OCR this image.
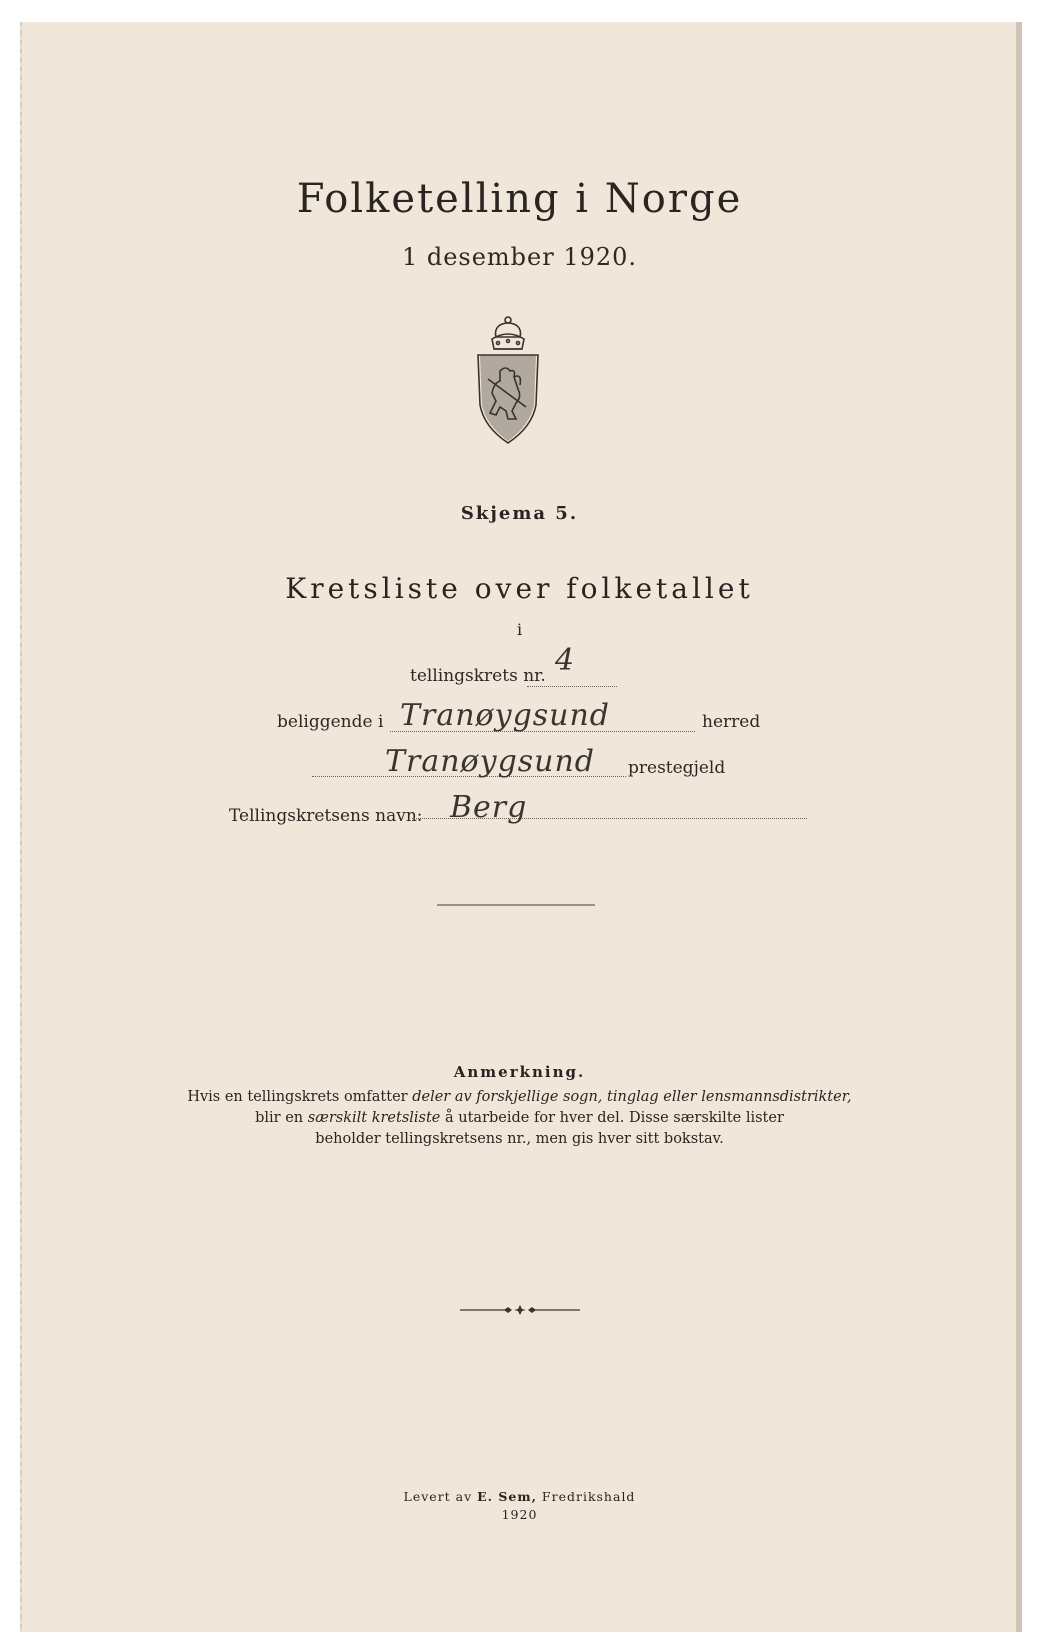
Folketelling i Norge
1 desember 1920.
Skjema 5.
Kretsliste over folketallet
i
tellingskrets nr. 4
beliggende i Tranøygsund	herred
Tranøygsund prestegjeld
Tellingskretsens navn: Berg
Anmerkning.
Hvis en tellingskrets omfatter deler av forskjellige sogn, tinglag eller lensmannsdistrikter,
blir en særskilt kretsliste å utarbeide for hver del. Disse særskilte lister
beholder tellingskretsens nr., men gis hver sitt bokstav.
Levert av E. Sem, Fredrikshald
1920
